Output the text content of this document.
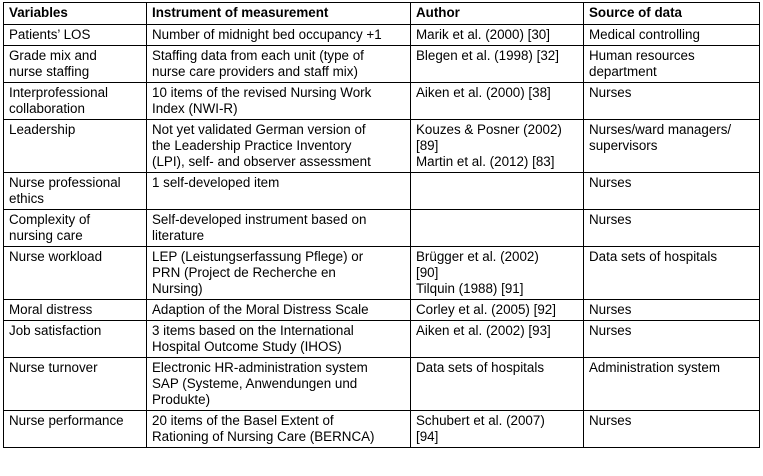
Variables	Instrument of measurement	Author	Source of data

Patients’ LOS	Number of midnight bed occupancy +1	Marik et al. (2000) [30]	Medical controlling

Grade mix and
nurse staffing	Staffing data from each unit (type of
nurse care providers and staff mix)	Blegen et al. (1998) [32]	Human resources
department

Interprofessional
collaboration	10 items of the revised Nursing Work
Index (NWI-R)	Aiken et al. (2000) [38]	Nurses

Leadership	Not yet validated German version of
the Leadership Practice Inventory
(LPI), self- and observer assessment	Kouzes & Posner (2002)
[89]
Martin et al. (2012) [83]	Nurses/ward managers/
supervisors

Nurse professional
ethics	1 self-developed item		Nurses

Complexity of
nursing care	Self-developed instrument based on
literature		Nurses

Nurse workload	LEP (Leistungserfassung Pflege) or
PRN (Project de Recherche en
Nursing)	Brügger et al. (2002)
[90]
Tilquin (1988) [91]	Data sets of hospitals

Moral distress	Adaption of the Moral Distress Scale	Corley et al. (2005) [92]	Nurses

Job satisfaction	3 items based on the International
Hospital Outcome Study (IHOS)	Aiken et al. (2002) [93]	Nurses

Nurse turnover	Electronic HR-administration system
SAP (Systeme, Anwendungen und
Produkte)	Data sets of hospitals	Administration system

Nurse performance	20 items of the Basel Extent of
Rationing of Nursing Care (BERNCA)	Schubert et al. (2007)
[94]	Nurses
